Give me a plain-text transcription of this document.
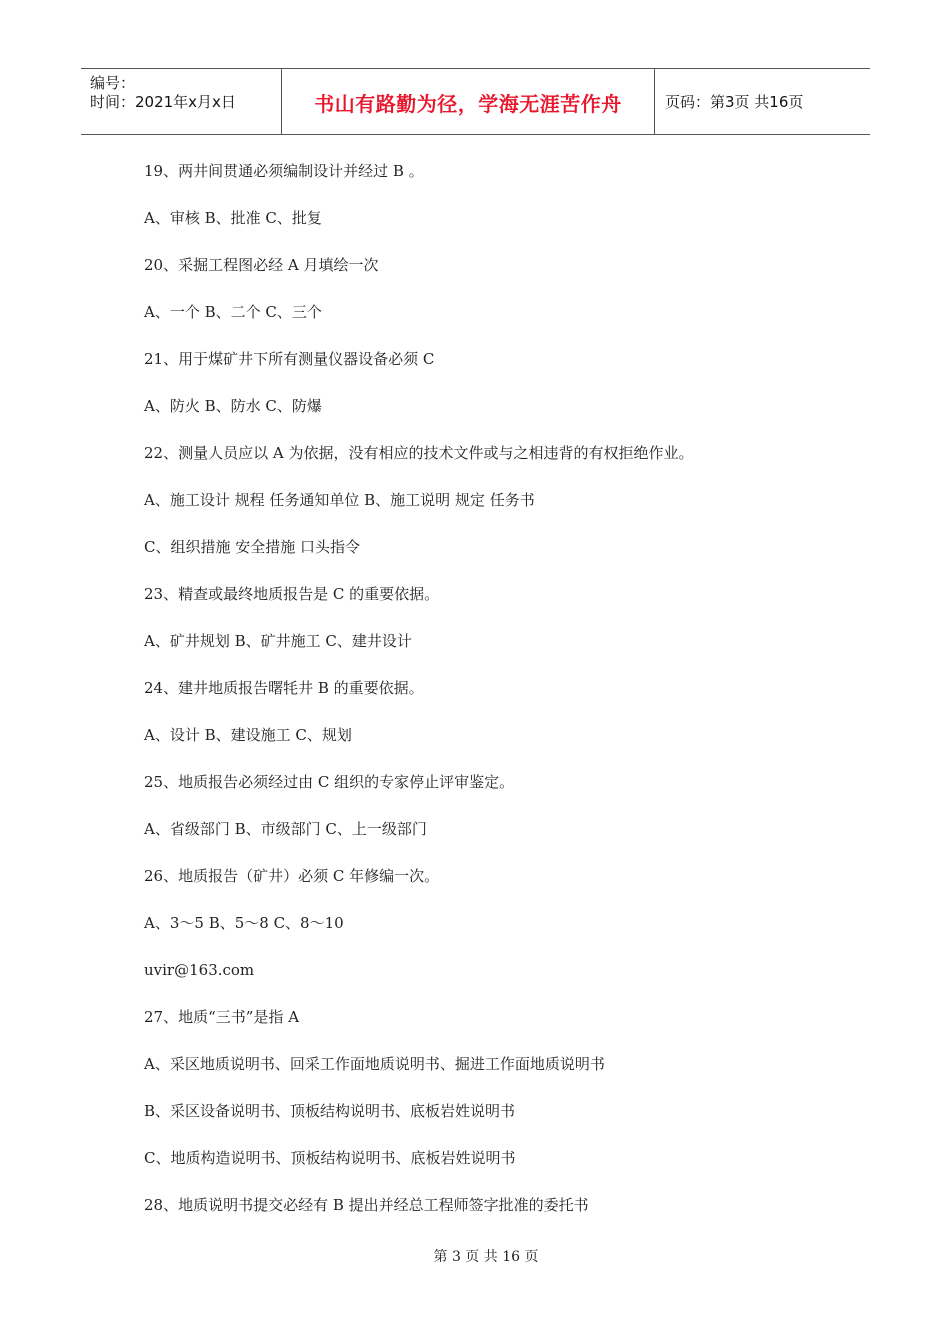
编号：
时间：2021年x月x日	书山有路勤为径，学海无涯苦作舟	页码：第3页 共16页
19、两井间贯通必须编制设计并经过 B 。
A、审核 B、批准 C、批复
20、采掘工程图必经 A 月填绘一次
A、一个 B、二个 C、三个
21、用于煤矿井下所有测量仪器设备必须 C
A、防火 B、防水 C、防爆
22、测量人员应以 A 为依据，没有相应的技术文件或与之相违背的有权拒绝作业。
A、施工设计 规程 任务通知单位 B、施工说明 规定 任务书
C、组织措施 安全措施 口头指令
23、精查或最终地质报告是 C 的重要依据。
A、矿井规划 B、矿井施工 C、建井设计
24、建井地质报告曙牦井 B 的重要依据。
A、设计 B、建设施工 C、规划
25、地质报告必须经过由 C 组织的专家停止评审鉴定。
A、省级部门 B、市级部门 C、上一级部门
26、地质报告（矿井）必须 C 年修编一次。
A、3～5 B、5～8 C、8～10
uvir@163.com
27、地质“三书”是指 A
A、采区地质说明书、回采工作面地质说明书、掘进工作面地质说明书
B、采区设备说明书、顶板结构说明书、底板岩姓说明书
C、地质构造说明书、顶板结构说明书、底板岩姓说明书
28、地质说明书提交必经有 B 提出并经总工程师签字批准的委托书
第 3 页 共 16 页
